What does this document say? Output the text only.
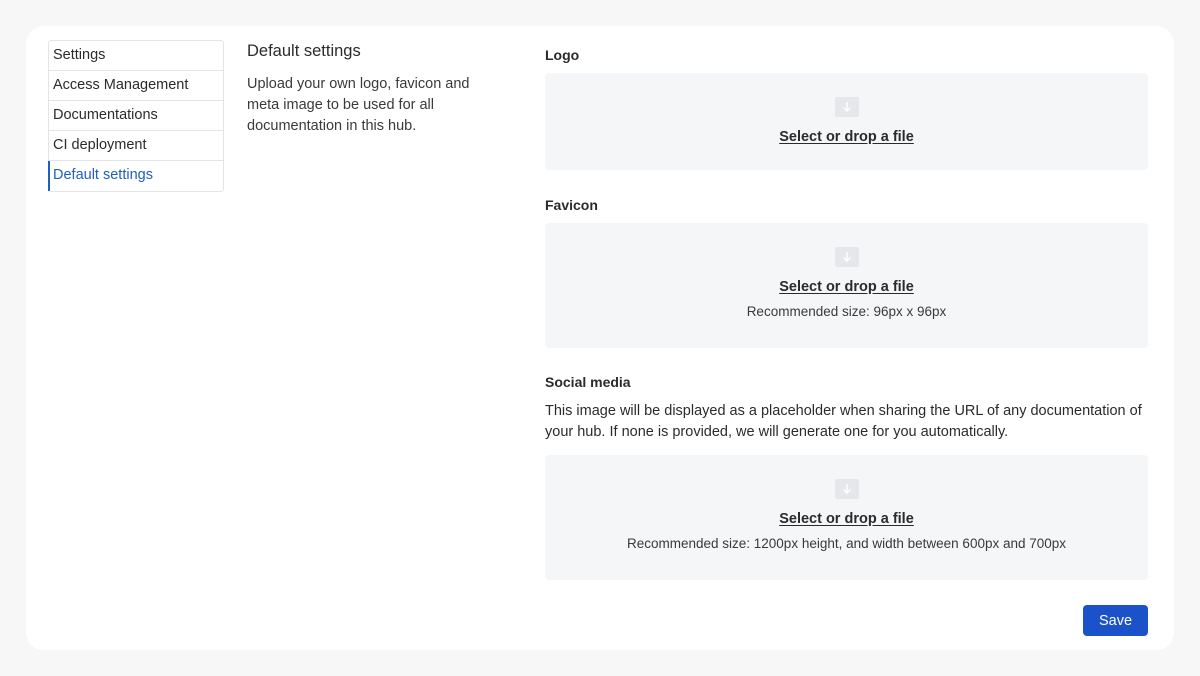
Settings
Access Management
Documentations
CI deployment
Default settings
Default settings
Upload your own logo, favicon and meta image to be used for all documentation in this hub.
Logo
Select or drop a file
Favicon
Select or drop a file
Recommended size: 96px x 96px
Social media
This image will be displayed as a placeholder when sharing the URL of any documentation of your hub. If none is provided, we will generate one for you automatically.
Select or drop a file
Recommended size: 1200px height, and width between 600px and 700px
Save
